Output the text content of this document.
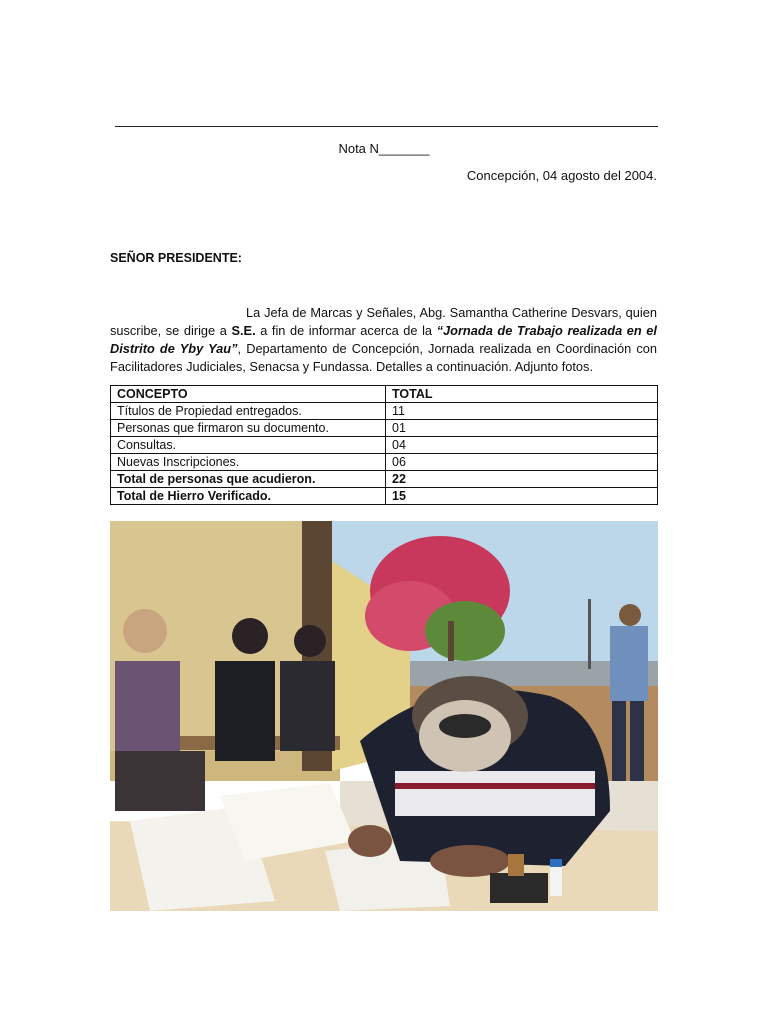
Nota N_______
Concepción, 04 agosto del 2004.
SEÑOR PRESIDENTE:
La Jefa de Marcas y Señales, Abg. Samantha Catherine Desvars, quien suscribe, se dirige a S.E. a fin de informar acerca de la “Jornada de Trabajo realizada en el Distrito de Yby Yau”, Departamento de Concepción, Jornada realizada en Coordinación con Facilitadores Judiciales, Senacsa y Fundassa. Detalles a continuación. Adjunto fotos.
CONCEPTO	TOTAL
Títulos de Propiedad entregados.	11
Personas que firmaron su documento.	01
Consultas.	04
Nuevas Inscripciones.	06
Total de personas que acudieron.	22
Total de Hierro Verificado.	15
